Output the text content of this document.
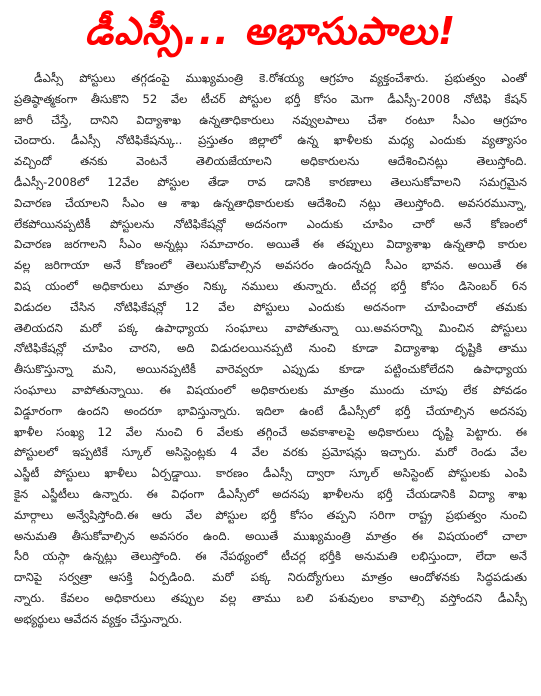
డీఎస్సీ... అభాసుపాలు!
డీఎస్సీ పోస్టులు తగ్గడంపై ముఖ్యమంత్రి కె.రోశయ్య ఆగ్రహం వ్యక్తంచేశారు. ప్రభుత్వం ఎంతో
ప్రతిష్ఠాత్మకంగా తీసుకొని 52 వేల టీచర్ పోస్టుల భర్తీ కోసం మెగా డీఎస్సీ-2008 నోటిఫి కేషన్
జారీ చేస్తే, దానిని విద్యాశాఖ ఉన్నతాధికారులు నవ్వులపాలు చేశా రంటూ సీఎం ఆగ్రహం
చెందారు. డీఎస్సీ నోటిఫికేషన్కు.. ప్రస్తుతం జిల్లాలో ఉన్న ఖాళీలకు మధ్య ఎందుకు వ్యత్యాసం
వచ్చిందో తనకు వెంటనే తెలియజేయాలని అధికారులను ఆదేశించినట్లు తెలుస్తోంది.
డీఎస్సీ-2008లో 12వేల పోస్టుల తేడా రావ డానికి కారణాలు తెలుసుకోవాలని సమగ్రమైన
విచారణ చేయాలని సీఎం ఆ శాఖ ఉన్నతాధికారులకు ఆదేశించి నట్లు తెలుస్తోంది. అవసరమున్నా,
లేకపోయినప్పటికీ పోస్టులను నోటిఫికేషన్లో అదనంగా ఎందుకు చూపిం చారో అనే కోణంలో
విచారణ జరగాలని సీఎం అన్నట్లు సమాచారం. అయితే ఈ తప్పులు విద్యాశాఖ ఉన్నతాధి కారుల
వల్ల జరిగాయా అనే కోణంలో తెలుసుకోవాల్సిన అవసరం ఉందన్నది సీఎం భావన. అయితే ఈ
విష యంలో అధికారులు మాత్రం నిక్కు నములు తున్నారు. టీచర్ల భర్తీ కోసం డిసెంబర్ 6న
విడుదల చేసిన నోటిఫికేషన్లో 12 వేల పోస్టులు ఎందుకు అదనంగా చూపించారో తమకు
తెలియదని మరో పక్క ఉపాధ్యాయ సంఘాలు వాపోతున్నా యి.అవసరాన్ని మించిన పోస్టులు
నోటిఫికేషన్లో చూపిం చారని, అది విడుదలయినప్పటి నుంచి కూడా విద్యాశాఖ దృష్టికి తాము
తీసుకొస్తున్నా మని, అయినప్పటికీ వారెవ్వరూ ఎప్పుడు కూడా పట్టించుకోలేదని ఉపాధ్యాయ
సంఘాలు వాపోతున్నాయి. ఈ విషయంలో అధికారులకు మాత్రం ముందు చూపు లేక పోవడం
విడ్డూరంగా ఉందని అందరూ భావిస్తున్నారు. ఇదిలా ఉంటే డీఎస్సీలో భర్తీ చేయాల్సిన అదనపు
ఖాళీల సంఖ్య 12 వేల నుంచి 6 వేలకు తగ్గించే అవకాశాలపై అధికారులు దృష్టి పెట్టారు. ఈ
పోస్టులలో ఇప్పటికే స్కూల్ అసిస్టెంట్లకు 4 వేల వరకు ప్రమోషన్లు ఇచ్చారు. మరో రెండు వేల
ఎస్జీటీ పోస్టులు ఖాళీలు ఏర్పడ్డాయి. కారణం డీఎస్సీ ద్వారా స్కూల్ అసిస్టెంట్ పోస్టులకు ఎంపి
కైన ఎస్జీటీలు ఉన్నారు. ఈ విధంగా డీఎస్సీలో అదనపు ఖాళీలను భర్తీ చేయడానికి విద్యా శాఖ
మార్గాలు అన్వేషిస్తోంది.ఈ ఆరు వేల పోస్టుల భర్తీ కోసం తప్పని సరిగా రాష్ట్ర ప్రభుత్వం నుంచి
అనుమతి తీసుకోవాల్సిన అవసరం ఉంది. అయితే ముఖ్యమంత్రి మాత్రం ఈ విషయంలో చాలా
సీరి యస్గా ఉన్నట్లు తెలుస్తోంది. ఈ నేపథ్యంలో టీచర్ల భర్తీకి అనుమతి లభిస్తుందా, లేదా అనే
దానిపై సర్వత్రా ఆసక్తి ఏర్పడింది. మరో పక్క నిరుద్యోగులు మాత్రం ఆందోళనకు సిద్ధపడుతు
న్నారు. కేవలం అధికారులు తప్పుల వల్ల తాము బలి పశువులం కావాల్సి వస్తోందని డీఎస్సీ
అభ్యర్థులు ఆవేదన వ్యక్తం చేస్తున్నారు.
